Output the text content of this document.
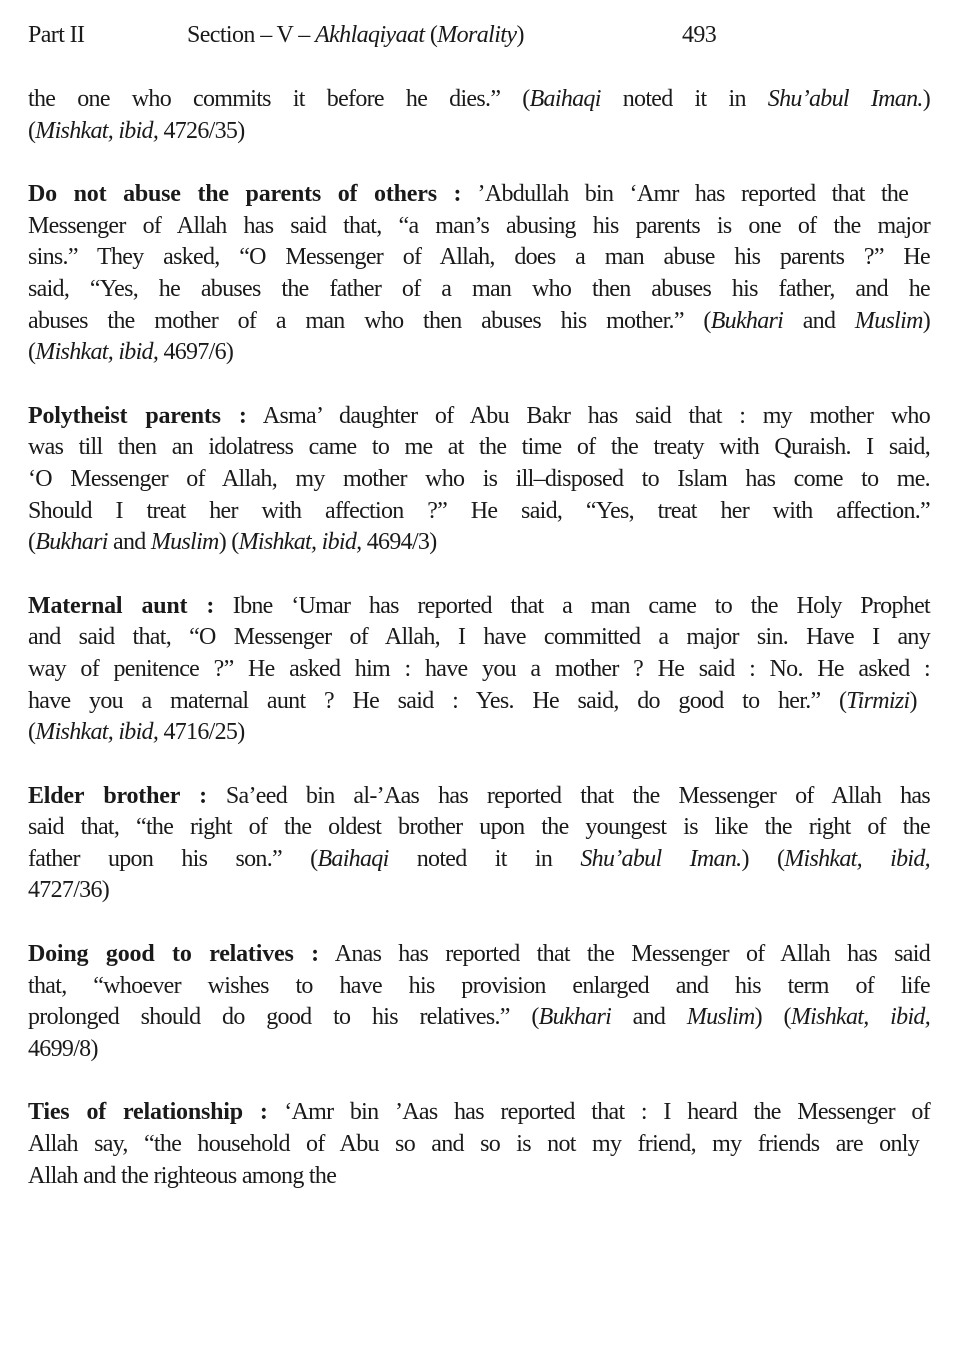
Part II	Section – V – Akhlaqiyaat (Morality)	493
the one who commits it before he dies.” (Baihaqi noted it in Shu’abul Iman.)
(Mishkat, ibid, 4726/35)
Do not abuse the parents of others : ’Abdullah bin ‘Amr has reported that the
Messenger of Allah has said that, “a man’s abusing his parents is one of the major
sins.” They asked, “O Messenger of Allah, does a man abuse his parents ?” He
said, “Yes, he abuses the father of a man who then abuses his father, and he
abuses the mother of a man who then abuses his mother.” (Bukhari and Muslim)
(Mishkat, ibid, 4697/6)
Polytheist parents : Asma’ daughter of Abu Bakr has said that : my mother who
was till then an idolatress came to me at the time of the treaty with Quraish. I said,
‘O Messenger of Allah, my mother who is ill–disposed to Islam has come to me.
Should I treat her with affection ?” He said, “Yes, treat her with affection.”
(Bukhari and Muslim) (Mishkat, ibid, 4694/3)
Maternal aunt : Ibne ‘Umar has reported that a man came to the Holy Prophet
and said that, “O Messenger of Allah, I have committed a major sin. Have I any
way of penitence ?” He asked him : have you a mother ? He said : No. He asked :
have you a maternal aunt ? He said : Yes. He said, do good to her.” (Tirmizi)
(Mishkat, ibid, 4716/25)
Elder brother : Sa’eed bin al-’Aas has reported that the Messenger of Allah has
said that, “the right of the oldest brother upon the youngest is like the right of the
father upon his son.” (Baihaqi noted it in Shu’abul Iman.) (Mishkat, ibid,
4727/36)
Doing good to relatives : Anas has reported that the Messenger of Allah has said
that, “whoever wishes to have his provision enlarged and his term of life
prolonged should do good to his relatives.” (Bukhari and Muslim) (Mishkat, ibid,
4699/8)
Ties of relationship : ‘Amr bin ’Aas has reported that : I heard the Messenger of
Allah say, “the household of Abu so and so is not my friend, my friends are only
Allah and the righteous among the
